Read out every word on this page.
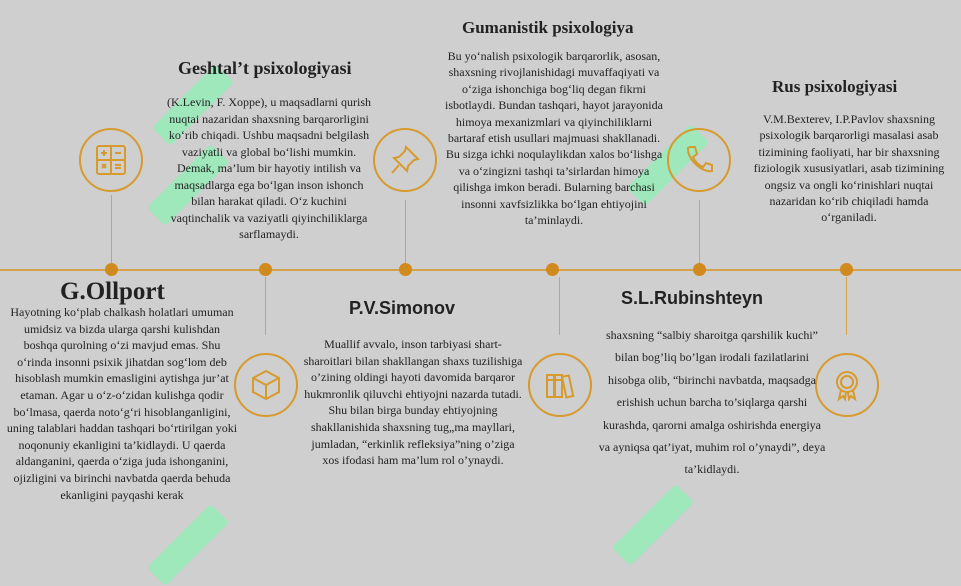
G.Ollport
Geshtal’t psixologiyasi
P.V.Simonov
Gumanistik psixologiya
S.L.Rubinshteyn
Rus psixologiyasi
Hayotning ko‘plab chalkash holatlari umuman umidsiz va bizda ularga qarshi kulishdan boshqa qurolning o‘zi mavjud emas. Shu o‘rinda insonni psixik jihatdan sog‘lom deb hisoblash mumkin emasligini aytishga jur’at etaman. Agar u o‘z-o‘zidan kulishga qodir bo‘lmasa, qaerda noto‘g‘ri hisoblanganligini, uning talablari haddan tashqari bo‘rtirilgan yoki noqonuniy ekanligini ta’kidlaydi. U qaerda aldanganini, qaerda o‘ziga juda ishonganini, ojizligini va birinchi navbatda qaerda behuda ekanligini payqashi kerak
(K.Levin, F. Xoppe), u maqsadlarni qurish nuqtai nazaridan shaxsning barqarorligini ko‘rib chiqadi. Ushbu maqsadni belgilash vaziyatli va global bo‘lishi mumkin. Demak, ma’lum bir hayotiy intilish va maqsadlarga ega bo‘lgan inson ishonch bilan harakat qiladi. O‘z kuchini vaqtinchalik va vaziyatli qiyinchiliklarga sarflamaydi.
Muallif avvalo, inson tarbiyasi shart-sharoitlari bilan shakllangan shaxs tuzilishiga o’zining oldingi hayoti davomida barqaror hukmronlik qiluvchi ehtiyojni nazarda tutadi. Shu bilan birga bunday ehtiyojning shakllanishida shaxsning tug„ma mayllari, jumladan, “erkinlik refleksiya”ning o’ziga xos ifodasi ham ma’lum rol o’ynaydi.
Bu yo‘nalish psixologik barqarorlik, asosan, shaxsning rivojlanishidagi muvaffaqiyati va o‘ziga ishonchiga bog‘liq degan fikrni isbotlaydi. Bundan tashqari, hayot jarayonida himoya mexanizmlari va qiyinchiliklarni bartaraf etish usullari majmuasi shakllanadi. Bu sizga ichki noqulaylikdan xalos bo‘lishga va o‘zingizni tashqi ta’sirlardan himoya qilishga imkon beradi. Bularning barchasi insonni xavfsizlikka bo‘lgan ehtiyojini ta’minlaydi.
shaxsning “salbiy sharoitga qarshilik kuchi” bilan bog’liq bo’lgan irodali fazilatlarini hisobga olib, “birinchi navbatda, maqsadga erishish uchun barcha to’siqlarga qarshi kurashda, qarorni amalga oshirishda energiya va ayniqsa qat’iyat, muhim rol o’ynaydi”, deya ta’kidlaydi.
V.M.Bexterev, I.P.Pavlov shaxsning psixologik barqarorligi masalasi asab tizimining faoliyati, har bir shaxsning fiziologik xususiyatlari, asab tizimining ongsiz va ongli ko‘rinishlari nuqtai nazaridan ko‘rib chiqiladi hamda o‘rganiladi.
